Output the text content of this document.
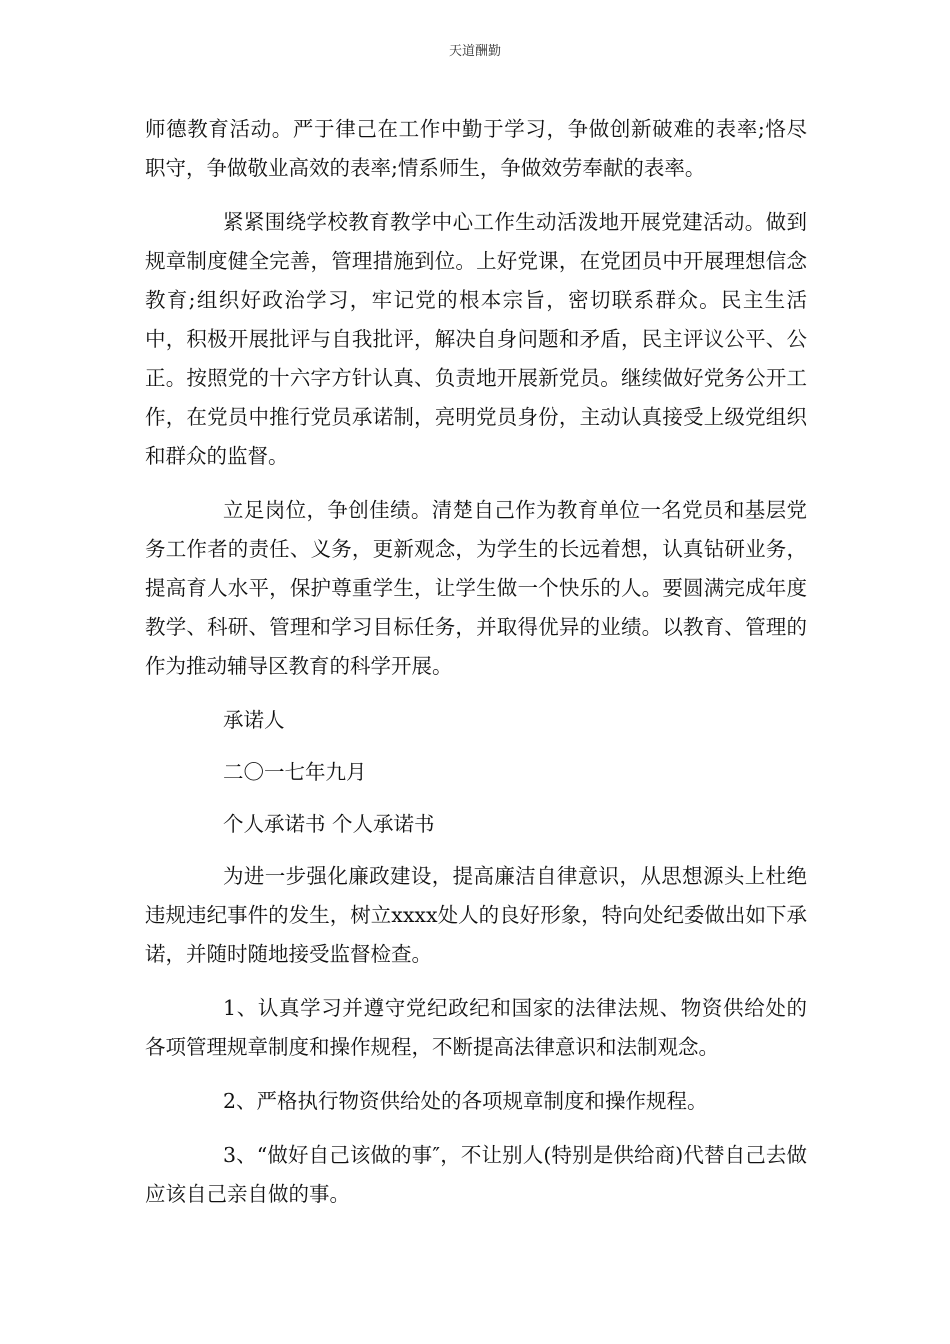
天道酬勤

师德教育活动。严于律己在工作中勤于学习，争做创新破难的表率;恪尽职守，争做敬业高效的表率;情系师生，争做效劳奉献的表率。

紧紧围绕学校教育教学中心工作生动活泼地开展党建活动。做到规章制度健全完善，管理措施到位。上好党课，在党团员中开展理想信念教育;组织好政治学习，牢记党的根本宗旨，密切联系群众。民主生活中，积极开展批评与自我批评，解决自身问题和矛盾，民主评议公平、公正。按照党的十六字方针认真、负责地开展新党员。继续做好党务公开工作，在党员中推行党员承诺制，亮明党员身份，主动认真接受上级党组织和群众的监督。

立足岗位，争创佳绩。清楚自己作为教育单位一名党员和基层党务工作者的责任、义务，更新观念，为学生的长远着想，认真钻研业务，提高育人水平，保护尊重学生，让学生做一个快乐的人。要圆满完成年度教学、科研、管理和学习目标任务，并取得优异的业绩。以教育、管理的作为推动辅导区教育的科学开展。

承诺人

二〇一七年九月

个人承诺书 个人承诺书

为进一步强化廉政建设，提高廉洁自律意识，从思想源头上杜绝违规违纪事件的发生，树立xxxx处人的良好形象，特向处纪委做出如下承诺，并随时随地接受监督检查。

1、认真学习并遵守党纪政纪和国家的法律法规、物资供给处的各项管理规章制度和操作规程，不断提高法律意识和法制观念。

2、严格执行物资供给处的各项规章制度和操作规程。

3、“做好自己该做的事″，不让别人(特别是供给商)代替自己去做应该自己亲自做的事。
